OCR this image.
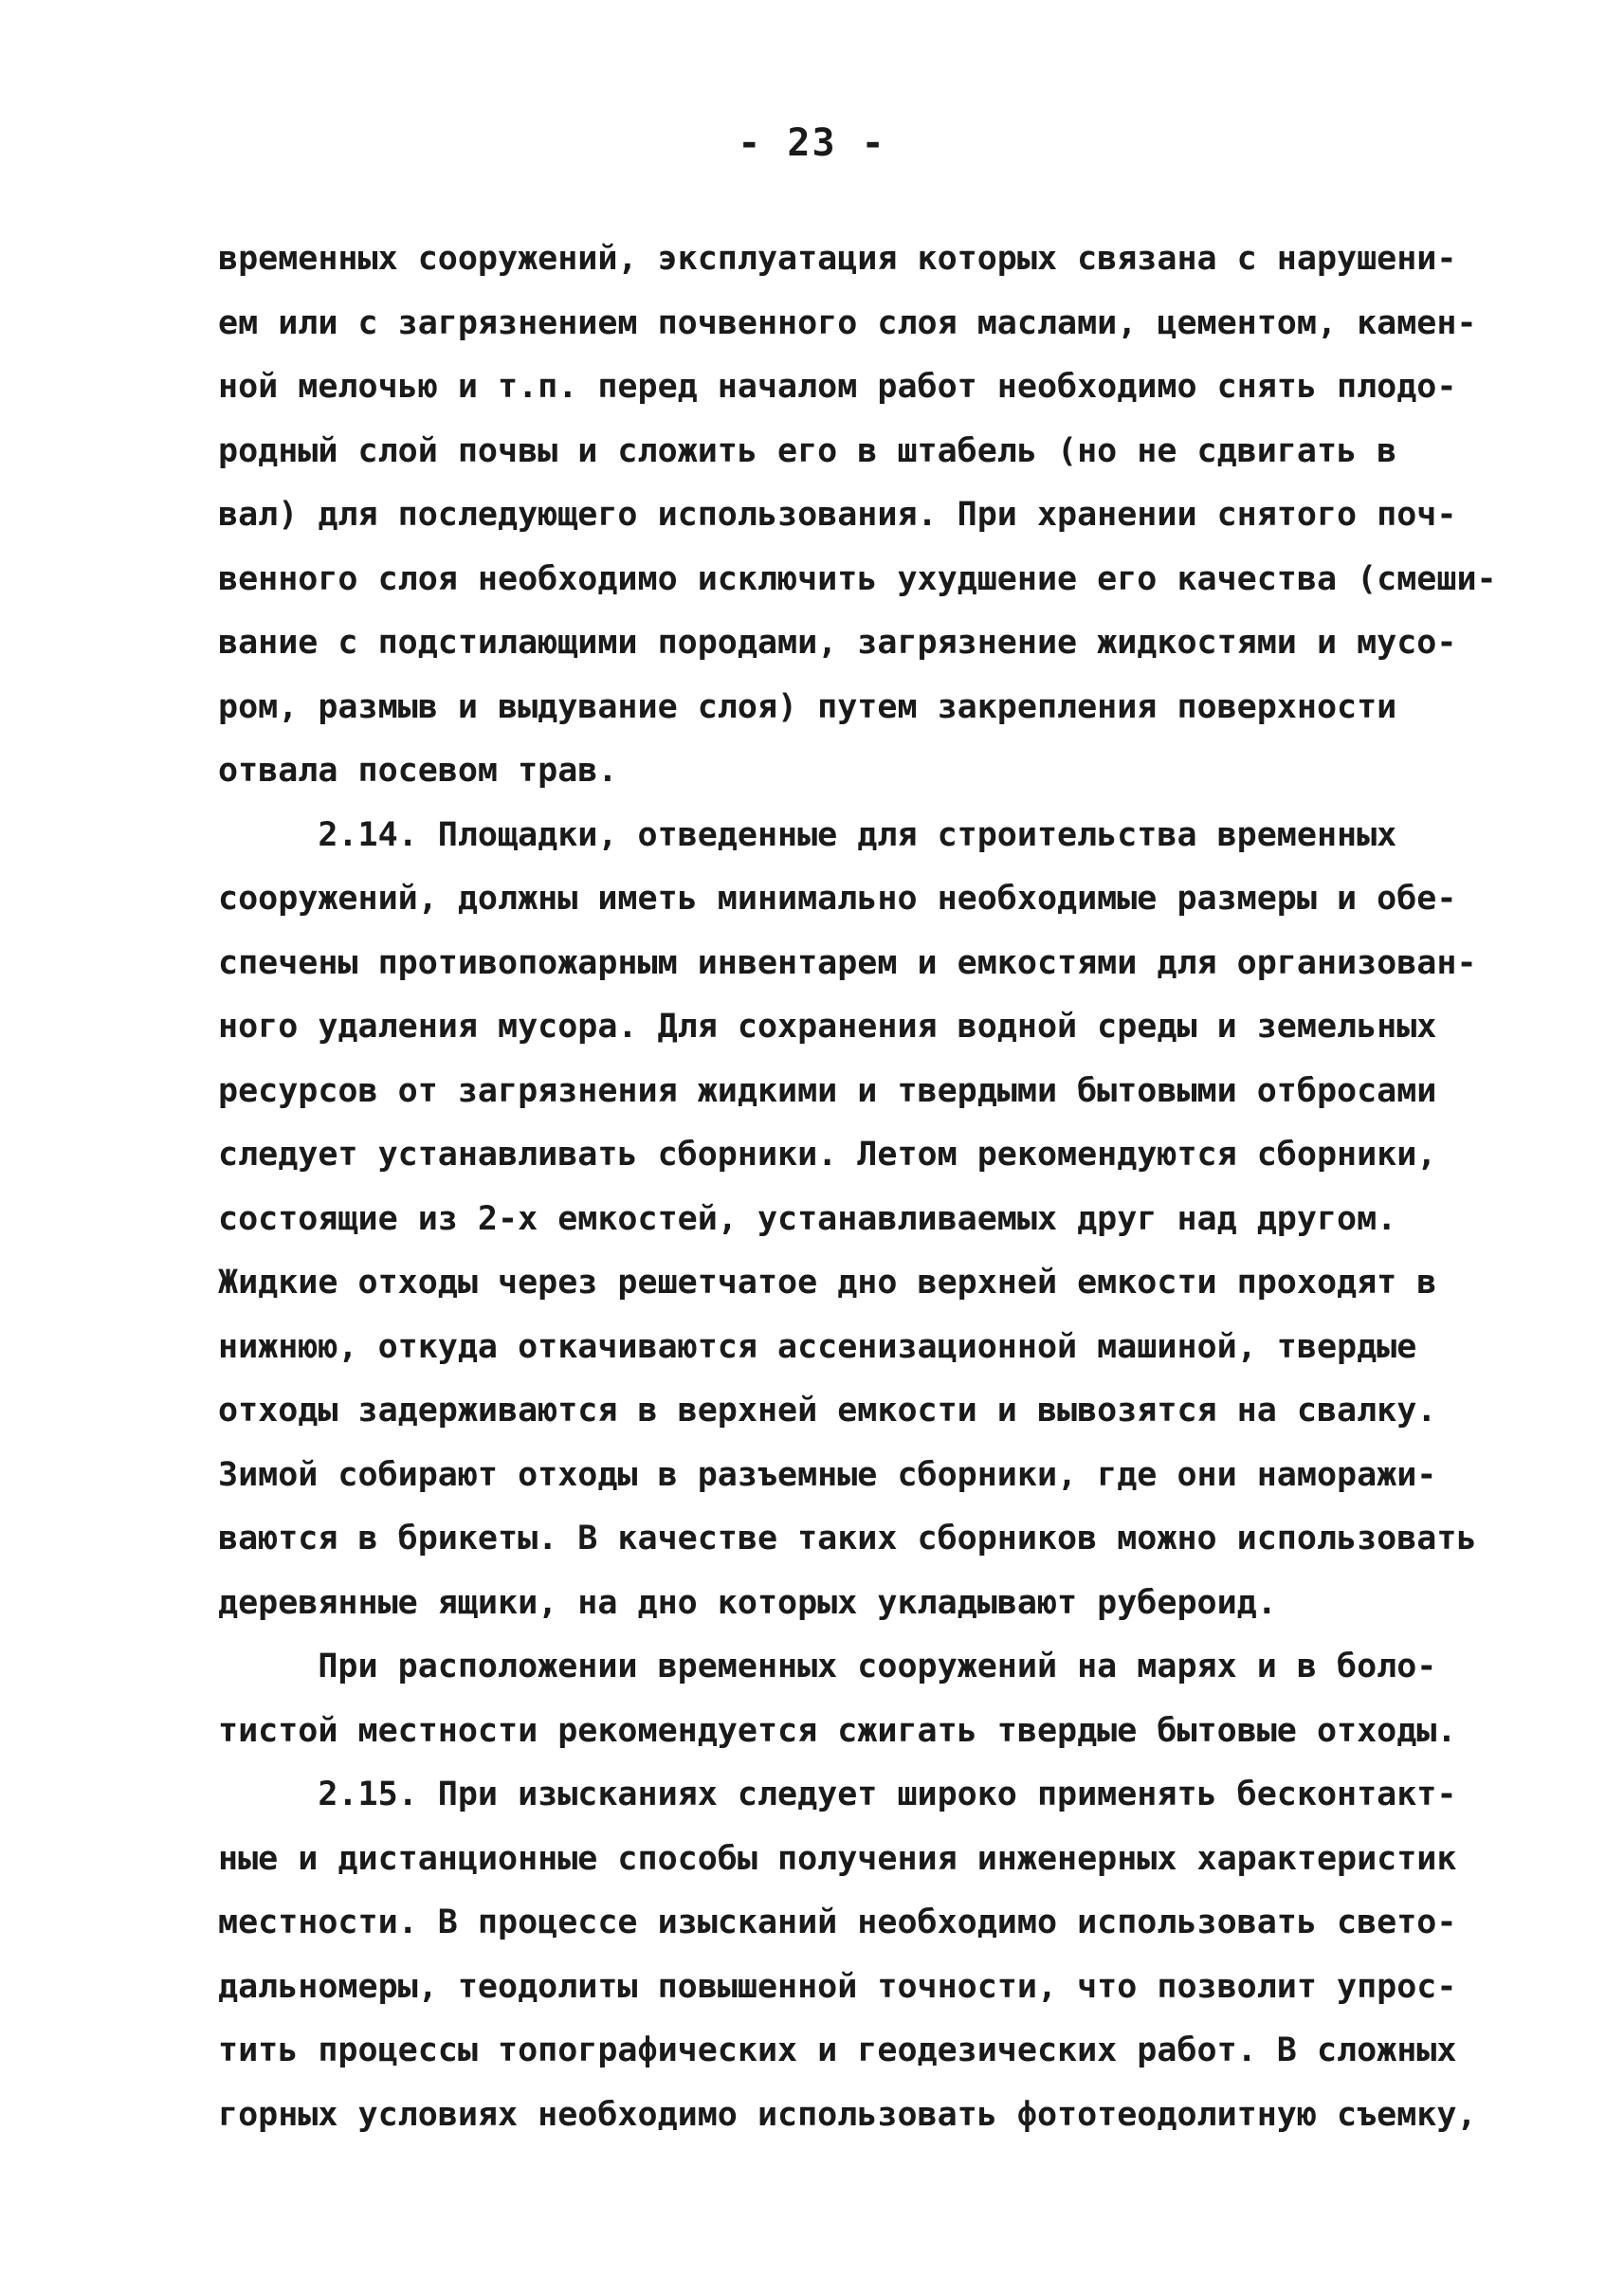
- 23 -
временных сооружений, эксплуатация которых связана с нарушени-
ем или с загрязнением почвенного слоя маслами, цементом, камен-
ной мелочью и т.п. перед началом работ необходимо снять плодо-
родный слой почвы и сложить его в штабель (но не сдвигать в
вал) для последующего использования. При хранении снятого поч-
венного слоя необходимо исключить ухудшение его качества (смеши-
вание с подстилающими породами, загрязнение жидкостями и мусо-
ром, размыв и выдувание слоя) путем закрепления поверхности
отвала посевом трав.
2.14. Площадки, отведенные для строительства временных
сооружений, должны иметь минимально необходимые размеры и обе-
спечены противопожарным инвентарем и емкостями для организован-
ного удаления мусора. Для сохранения водной среды и земельных
ресурсов от загрязнения жидкими и твердыми бытовыми отбросами
следует устанавливать сборники. Летом рекомендуются сборники,
состоящие из 2-х емкостей, устанавливаемых друг над другом.
Жидкие отходы через решетчатое дно верхней емкости проходят в
нижнюю, откуда откачиваются ассенизационной машиной, твердые
отходы задерживаются в верхней емкости и вывозятся на свалку.
Зимой собирают отходы в разъемные сборники, где они наморажи-
ваются в брикеты. В качестве таких сборников можно использовать
деревянные ящики, на дно которых укладывают рубероид.
При расположении временных сооружений на марях и в боло-
тистой местности рекомендуется сжигать твердые бытовые отходы.
2.15. При изысканиях следует широко применять бесконтакт-
ные и дистанционные способы получения инженерных характеристик
местности. В процессе изысканий необходимо использовать свето-
дальномеры, теодолиты повышенной точности, что позволит упрос-
тить процессы топографических и геодезических работ. В сложных
горных условиях необходимо использовать фототеодолитную съемку,
